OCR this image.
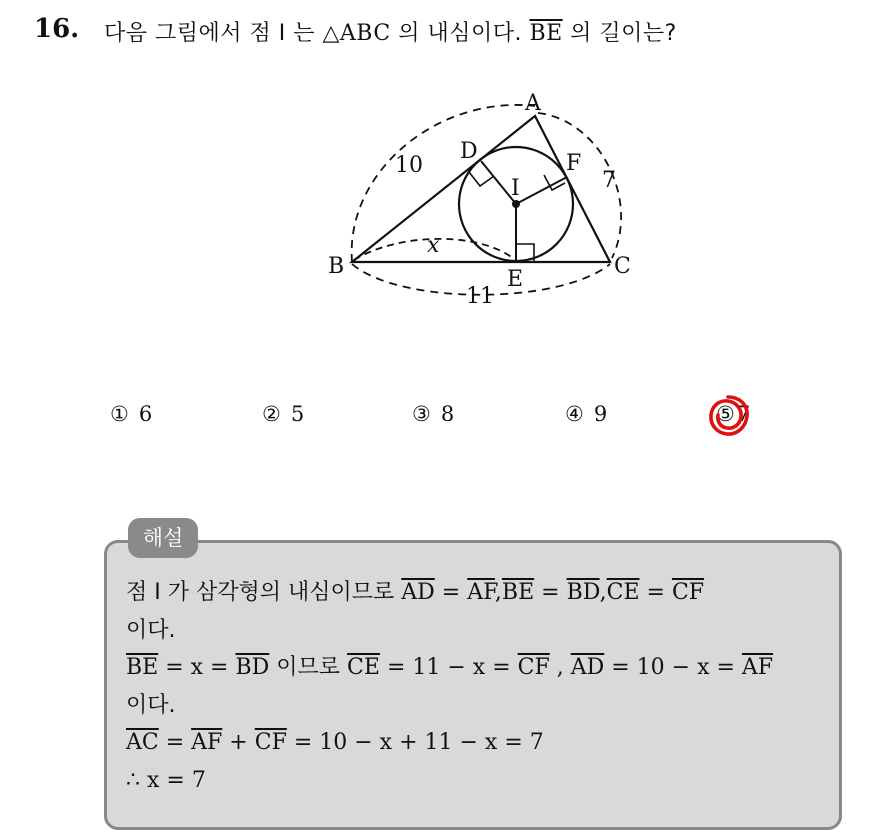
16. 다음 그림에서 점 I 는 △ABC 의 내심이다. $\overline{BE}$ 의 길이는?
A
B	C
D
E
F
I
x
10
7
11
① 6	② 5	③ 8	④ 9	⑤7
해설
점 I 가 삼각형의 내심이므로 $\overline{AD} = \overline{AF},\overline{BE} = \overline{BD},\overline{CE} = \overline{CF}$
이다.
$\overline{BE} = x = \overline{BD}$ 이므로 $\overline{CE} = 11 - x = \overline{CF}$ , $\overline{AD} = 10 - x = \overline{AF}$
이다.
$\overline{AC} = \overline{AF} + \overline{CF} = 10 - x + 11 - x = 7$
∴ x = 7
